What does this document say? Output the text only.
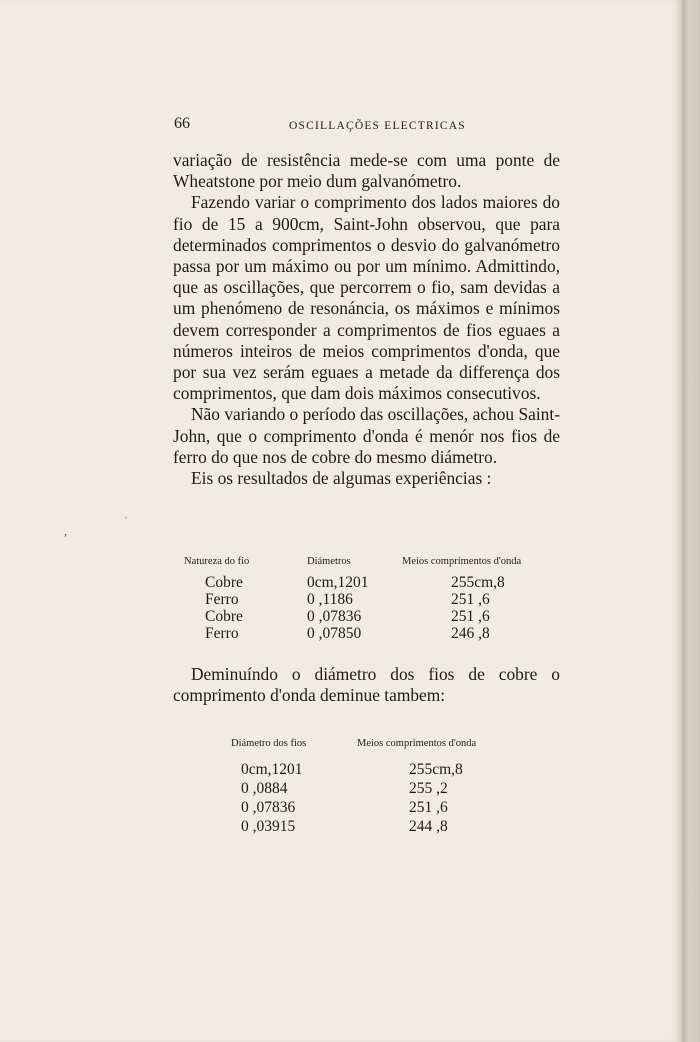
66	OSCILLAÇÕES ELECTRICAS

variação de resistência mede-se com uma ponte de Wheatstone por meio dum galvanómetro.

Fazendo variar o comprimento dos lados maiores do fio de 15 a 900cm, Saint-John observou, que para determinados comprimentos o desvio do galvanómetro passa por um máximo ou por um mínimo. Admittindo, que as oscillações, que percorrem o fio, sam devidas a um phenómeno de resonáncia, os máximos e mínimos devem corresponder a comprimentos de fios eguaes a números inteiros de meios comprimentos d'onda, que por sua vez serám eguaes a metade da differença dos comprimentos, que dam dois máximos consecutivos.

Não variando o período das oscillações, achou Saint-John, que o comprimento d'onda é menór nos fios de ferro do que nos de cobre do mesmo diámetro.

Eis os resultados de algumas experiências :

Natureza do fio	Diámetros	Meios comprimentos d'onda
Cobre	0cm,1201	255cm,8
Ferro	0 ,1186	251 ,6
Cobre	0 ,07836	251 ,6
Ferro	0 ,07850	246 ,8

Deminuíndo o diámetro dos fios de cobre o comprimento d'onda deminue tambem:

Diámetro dos fios	Meios comprimentos d'onda
0cm,1201	255cm,8
0 ,0884	255 ,2
0 ,07836	251 ,6
0 ,03915	244 ,8
ˈ
,
